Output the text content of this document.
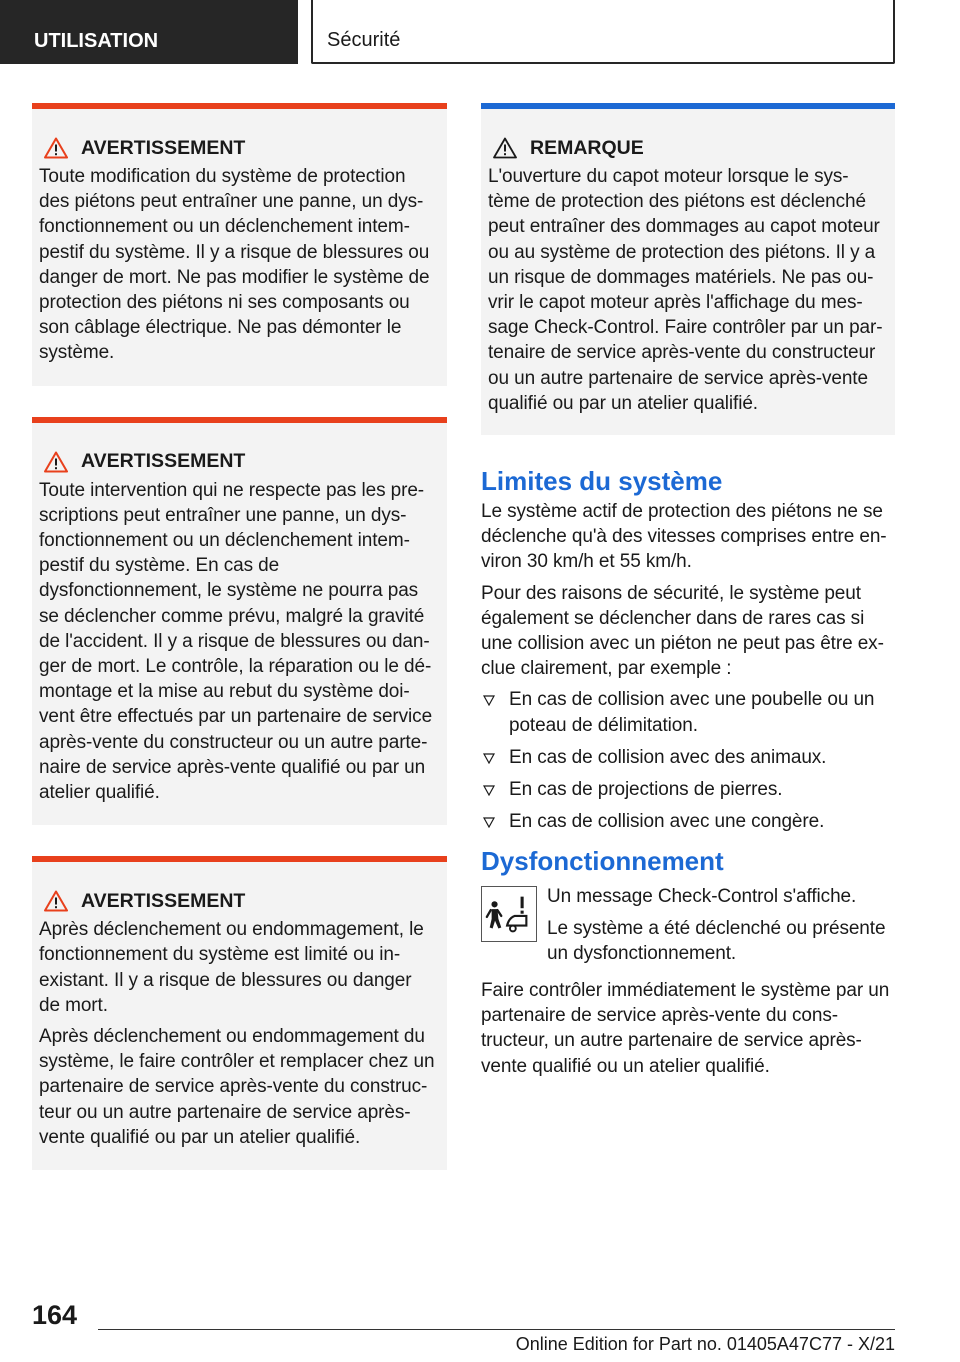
UTILISATION	Sécurité
AVERTISSEMENT

Toute modification du système de protection des piétons peut entraîner une panne, un dys-fonctionnement ou un déclenchement intem-pestif du système. Il y a risque de blessures ou danger de mort. Ne pas modifier le système de protection des piétons ni ses composants ou son câblage électrique. Ne pas démonter le système.

AVERTISSEMENT

Toute intervention qui ne respecte pas les pre-scriptions peut entraîner une panne, un dys-fonctionnement ou un déclenchement intem-pestif du système. En cas de dysfonctionnement, le système ne pourra pas se déclencher comme prévu, malgré la gravité de l'accident. Il y a risque de blessures ou dan-ger de mort. Le contrôle, la réparation ou le dé-montage et la mise au rebut du système doi-vent être effectués par un partenaire de service après-vente du constructeur ou un autre parte-naire de service après-vente qualifié ou par un atelier qualifié.

AVERTISSEMENT

Après déclenchement ou endommagement, le fonctionnement du système est limité ou in-existant. Il y a risque de blessures ou danger de mort.

Après déclenchement ou endommagement du système, le faire contrôler et remplacer chez un partenaire de service après-vente du construc-teur ou un autre partenaire de service après-vente qualifié ou par un atelier qualifié.

REMARQUE

L'ouverture du capot moteur lorsque le sys-tème de protection des piétons est déclenché peut entraîner des dommages au capot moteur ou au système de protection des piétons. Il y a un risque de dommages matériels. Ne pas ou-vrir le capot moteur après l'affichage du mes-sage Check-Control. Faire contrôler par un par-tenaire de service après-vente du constructeur ou un autre partenaire de service après-vente qualifié ou par un atelier qualifié.

Limites du système

Le système actif de protection des piétons ne se déclenche qu'à des vitesses comprises entre en-viron 30 km/h et 55 km/h.

Pour des raisons de sécurité, le système peut également se déclencher dans de rares cas si une collision avec un piéton ne peut pas être ex-clue clairement, par exemple :

En cas de collision avec une poubelle ou un poteau de délimitation.
En cas de collision avec des animaux.
En cas de projections de pierres.
En cas de collision avec une congère.
Dysfonctionnement

Un message Check-Control s'affiche.

Le système a été déclenché ou présente un dysfonctionnement.

Faire contrôler immédiatement le système par un partenaire de service après-vente du cons-tructeur, un autre partenaire de service après-vente qualifié ou un atelier qualifié.

164
Online Edition for Part no. 01405A47C77 - X/21
